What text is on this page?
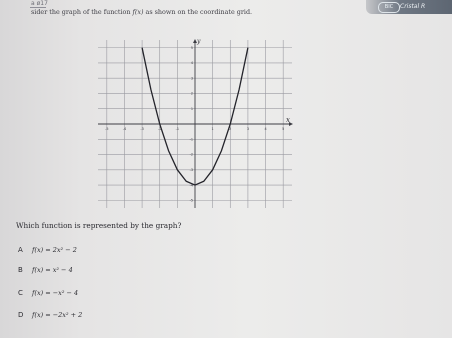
a ø17	BIC	Cristal R
sider the graph of the function f(x) as shown on the coordinate grid.
-5	-4	-3	-2	-1	1	2	3	4	5
5
4
3
2
1
-1
-2
-3
-4
-5
x
y
Which function is represented by the graph?
A	f(x) = 2x² − 2
B	f(x) = x² − 4
C	f(x) = −x² − 4
D	f(x) = −2x² + 2
